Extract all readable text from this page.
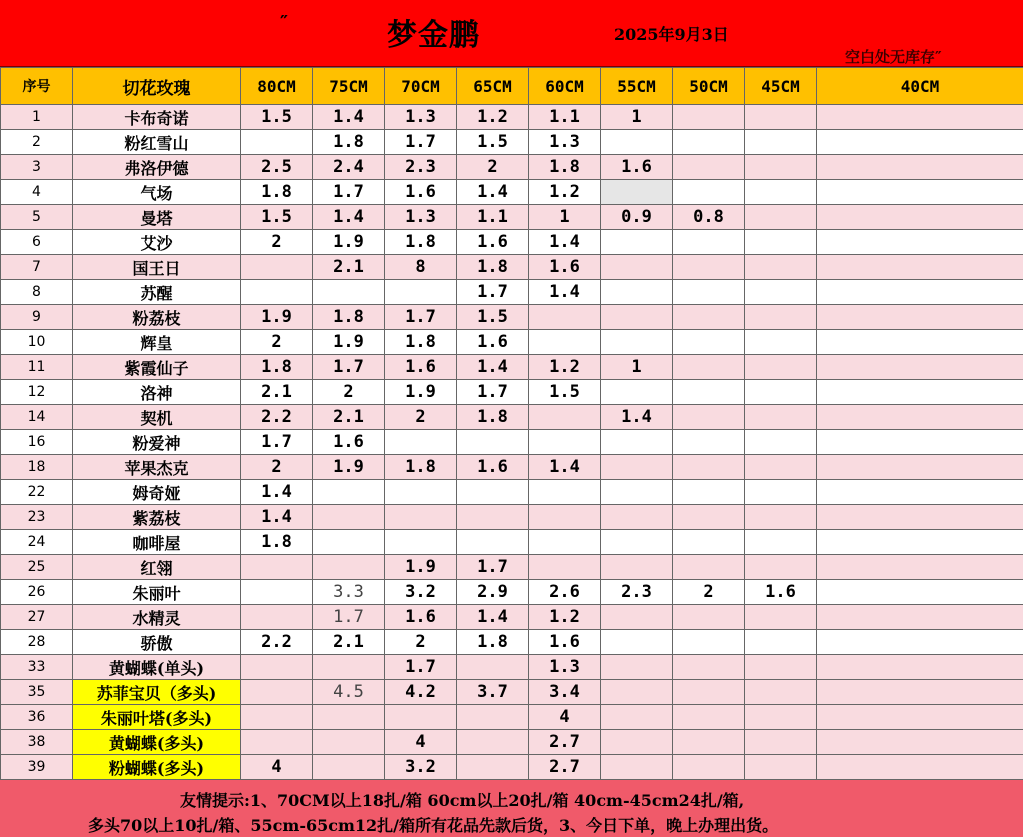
″	梦金鹏	2025年9月3日
空白处无库存″
序号	切花玫瑰	80CM	75CM	70CM	65CM	60CM	55CM	50CM	45CM	40CM
1	卡布奇诺	1.5	1.4	1.3	1.2	1.1	1			
2	粉红雪山		1.8	1.7	1.5	1.3				
3	弗洛伊德	2.5	2.4	2.3	2	1.8	1.6			
4	气场	1.8	1.7	1.6	1.4	1.2				
5	曼塔	1.5	1.4	1.3	1.1	1	0.9	0.8		
6	艾沙	2	1.9	1.8	1.6	1.4				
7	国王日		2.1	8	1.8	1.6				
8	苏醒				1.7	1.4				
9	粉荔枝	1.9	1.8	1.7	1.5					
10	辉皇	2	1.9	1.8	1.6					
11	紫霞仙子	1.8	1.7	1.6	1.4	1.2	1			
12	洛神	2.1	2	1.9	1.7	1.5				
14	契机	2.2	2.1	2	1.8		1.4			
16	粉爱神	1.7	1.6							
18	苹果杰克	2	1.9	1.8	1.6	1.4				
22	姆奇娅	1.4								
23	紫荔枝	1.4								
24	咖啡屋	1.8								
25	红翎			1.9	1.7					
26	朱丽叶		3.3	3.2	2.9	2.6	2.3	2	1.6	
27	水精灵		1.7	1.6	1.4	1.2				
28	骄傲	2.2	2.1	2	1.8	1.6				
33	黄蝴蝶(单头)			1.7		1.3				
35	苏菲宝贝（多头)		4.5	4.2	3.7	3.4				
36	朱丽叶塔(多头)					4				
38	黄蝴蝶(多头)			4		2.7				
39	粉蝴蝶(多头)	4		3.2		2.7				
友情提示:1、70CM以上18扎/箱 60cm以上20扎/箱 40cm-45cm24扎/箱,
多头70以上10扎/箱、55cm-65cm12扎/箱所有花品先款后货，3、今日下单，晚上办理出货。
